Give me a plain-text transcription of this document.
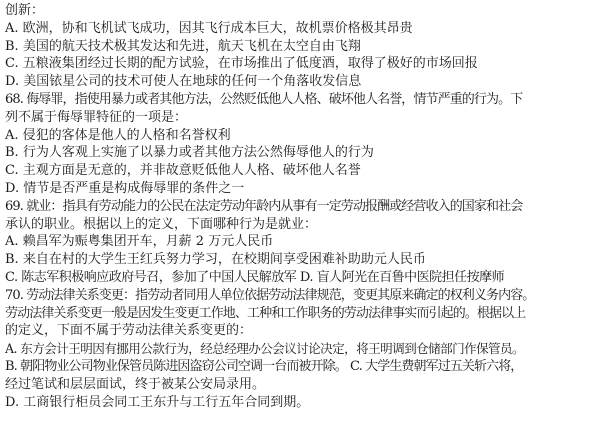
创新：
A. 欧洲，协和飞机试飞成功，因其飞行成本巨大，故机票价格极其昂贵
B. 美国的航天技术极其发达和先进，航天飞机在太空自由飞翔
C. 五粮液集团经过长期的配方试验，在市场推出了低度酒，取得了极好的市场回报
D. 美国铱星公司的技术可使人在地球的任何一个角落收发信息
68. 侮辱罪，指使用暴力或者其他方法，公然贬低他人人格、破坏他人名誉，情节严重的行为。下
列不属于侮辱罪特征的一项是：
A. 侵犯的客体是他人的人格和名誉权利
B. 行为人客观上实施了以暴力或者其他方法公然侮辱他人的行为
C. 主观方面是无意的，并非故意贬低他人人格、破坏他人名誉
D. 情节是否严重是构成侮辱罪的条件之一
69. 就业：指具有劳动能力的公民在法定劳动年龄内从事有一定劳动报酬或经营收入的国家和社会
承认的职业。根据以上的定义，下面哪种行为是就业：
A. 赖昌军为赈粤集团开车，月薪 2 万元人民币
B. 来自在村的大学生王红兵努力学习，在校期间享受困难补助助元人民币
C. 陈志军积极响应政府号召，参加了中国人民解放军 D. 盲人阿光在百鲁中医院担任按摩师
70. 劳动法律关系变更：指劳动者同用人单位依据劳动法律规范，变更其原来确定的权利义务内容。
劳动法律关系变更一般是因发生变更工作地、工种和工作职务的劳动法律事实而引起的。根据以上
的定义，下面不属于劳动法律关系变更的：
A. 东方会计王明因有挪用公款行为，经总经理办公会议讨论决定，将王明调到仓储部门作保管员。
B. 朝阳物业公司物业保管员陈进因盗窃公司空调一台而被开除。 C. 大学生费朝军过五关斩六将，
经过笔试和层层面试，终于被某公安局录用。
D. 工商银行柜员会同工王东升与工行五年合同到期。
